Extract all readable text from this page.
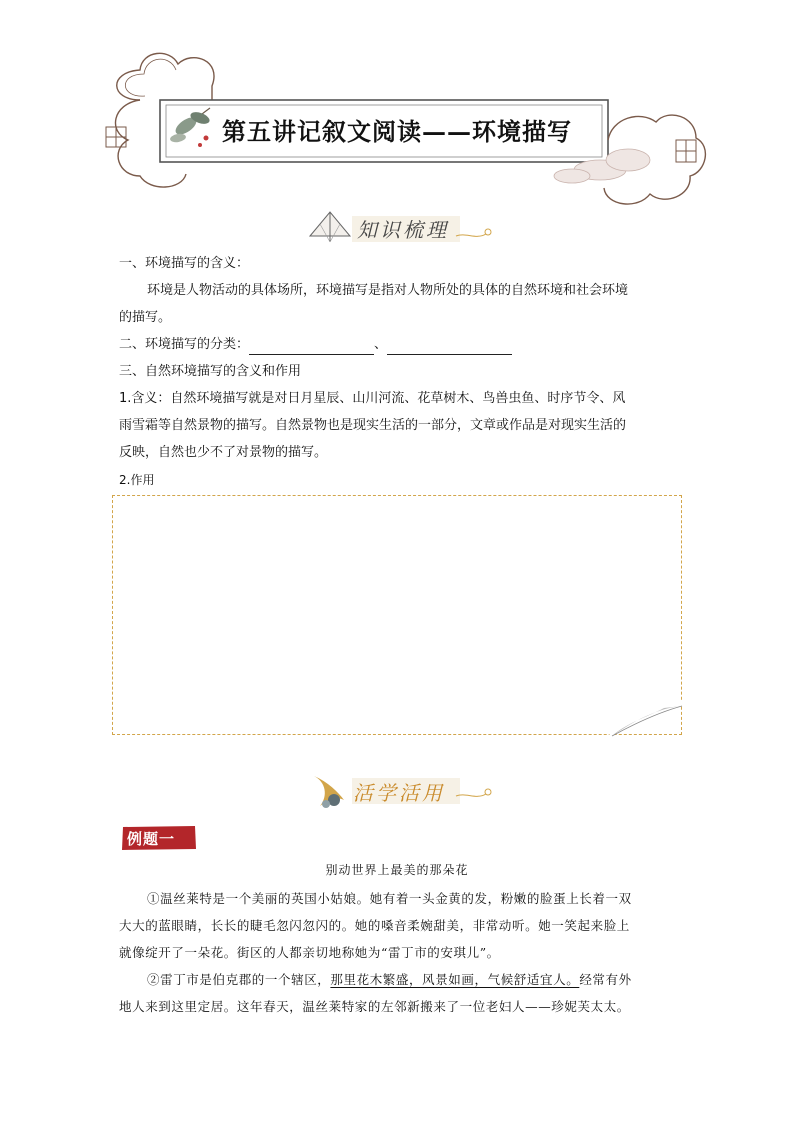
第五讲记叙文阅读——环境描写
知识梳理
一、环境描写的含义：
环境是人物活动的具体场所，环境描写是指对人物所处的具体的自然环境和社会环境
的描写。
二、环境描写的分类：	、
三、自然环境描写的含义和作用
1.含义：自然环境描写就是对日月星辰、山川河流、花草树木、鸟兽虫鱼、时序节令、风
雨雪霜等自然景物的描写。自然景物也是现实生活的一部分，文章或作品是对现实生活的
反映，自然也少不了对景物的描写。
2.作用
活学活用
例题一
别动世界上最美的那朵花
①温丝莱特是一个美丽的英国小姑娘。她有着一头金黄的发，粉嫩的脸蛋上长着一双
大大的蓝眼睛，长长的睫毛忽闪忽闪的。她的嗓音柔婉甜美，非常动听。她一笑起来脸上
就像绽开了一朵花。街区的人都亲切地称她为“雷丁市的安琪儿”。
②雷丁市是伯克郡的一个辖区，那里花木繁盛，风景如画，气候舒适宜人。经常有外
地人来到这里定居。这年春天，温丝莱特家的左邻新搬来了一位老妇人——珍妮芙太太。
